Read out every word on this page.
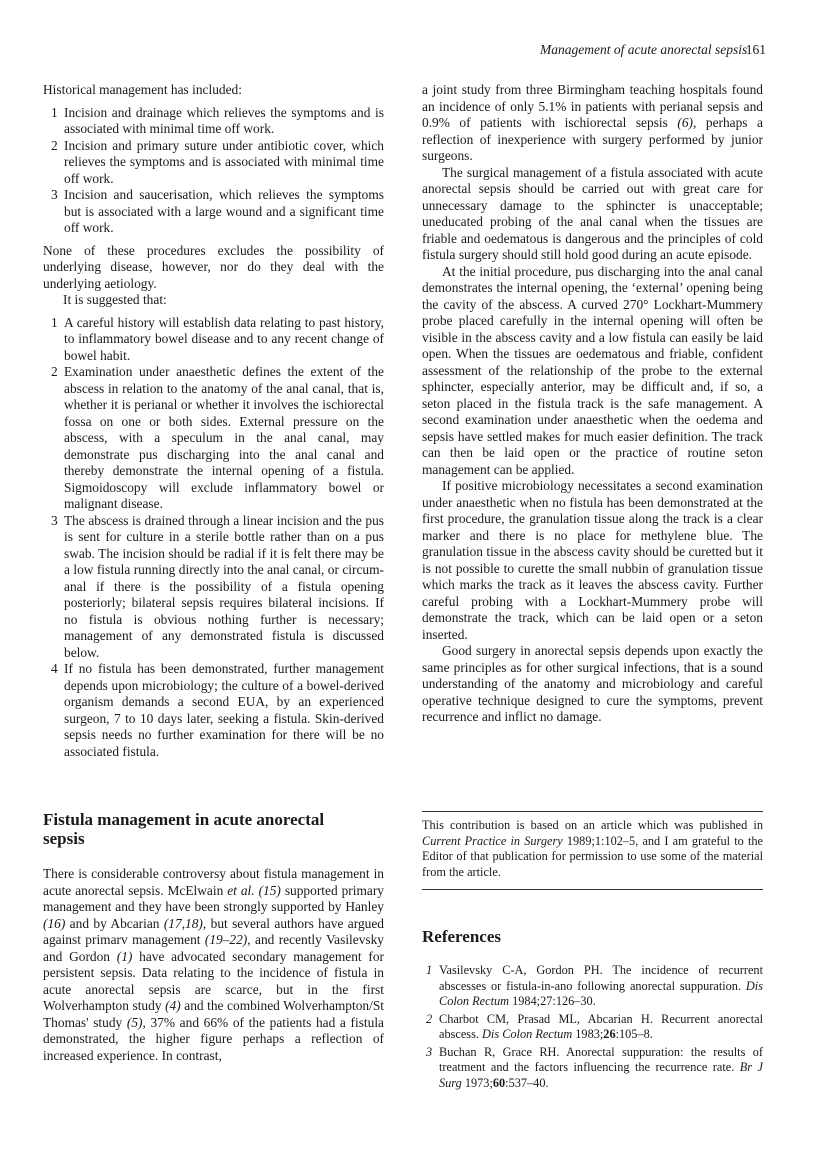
Management of acute anorectal sepsis
161

Historical management has included:

1 Incision and drainage which relieves the symptoms and is associated with minimal time off work.
2 Incision and primary suture under antibiotic cover, which relieves the symptoms and is associated with minimal time off work.
3 Incision and saucerisation, which relieves the symptoms but is associated with a large wound and a significant time off work.

None of these procedures excludes the possibility of underlying disease, however, nor do they deal with the underlying aetiology.

It is suggested that:

1 A careful history will establish data relating to past history, to inflammatory bowel disease and to any recent change of bowel habit.
2 Examination under anaesthetic defines the extent of the abscess in relation to the anatomy of the anal canal, that is, whether it is perianal or whether it involves the ischiorectal fossa on one or both sides. External pressure on the abscess, with a speculum in the anal canal, may demonstrate pus discharging into the anal canal and thereby demonstrate the internal opening of a fistula. Sigmoidoscopy will exclude inflammatory bowel or malignant disease.
3 The abscess is drained through a linear incision and the pus is sent for culture in a sterile bottle rather than on a pus swab. The incision should be radial if it is felt there may be a low fistula running directly into the anal canal, or circum-anal if there is the possibility of a fistula opening posteriorly; bilateral sepsis requires bilateral incisions. If no fistula is obvious nothing further is necessary; management of any demonstrated fistula is discussed below.
4 If no fistula has been demonstrated, further management depends upon microbiology; the culture of a bowel-derived organism demands a second EUA, by an experienced surgeon, 7 to 10 days later, seeking a fistula. Skin-derived sepsis needs no further examination for there will be no associated fistula.
Fistula management in acute anorectal sepsis

There is considerable controversy about fistula management in acute anorectal sepsis. McElwain et al. (15) supported primary management and they have been strongly supported by Hanley (16) and by Abcarian (17,18), but several authors have argued against primarv management (19–22), and recently Vasilevsky and Gordon (1) have advocated secondary management for persistent sepsis. Data relating to the incidence of fistula in acute anorectal sepsis are scarce, but in the first Wolverhampton study (4) and the combined Wolverhampton/St Thomas' study (5), 37% and 66% of the patients had a fistula demonstrated, the higher figure perhaps a reflection of increased experience. In contrast,

a joint study from three Birmingham teaching hospitals found an incidence of only 5.1% in patients with perianal sepsis and 0.9% of patients with ischiorectal sepsis (6), perhaps a reflection of inexperience with surgery performed by junior surgeons.

The surgical management of a fistula associated with acute anorectal sepsis should be carried out with great care for unnecessary damage to the sphincter is unacceptable; uneducated probing of the anal canal when the tissues are friable and oedematous is dangerous and the principles of cold fistula surgery should still hold good during an acute episode.

At the initial procedure, pus discharging into the anal canal demonstrates the internal opening, the ‘external’ opening being the cavity of the abscess. A curved 270° Lockhart-Mummery probe placed carefully in the internal opening will often be visible in the abscess cavity and a low fistula can easily be laid open. When the tissues are oedematous and friable, confident assessment of the relationship of the probe to the external sphincter, especially anterior, may be difficult and, if so, a seton placed in the fistula track is the safe management. A second examination under anaesthetic when the oedema and sepsis have settled makes for much easier definition. The track can then be laid open or the practice of routine seton management can be applied.

If positive microbiology necessitates a second examination under anaesthetic when no fistula has been demonstrated at the first procedure, the granulation tissue along the track is a clear marker and there is no place for methylene blue. The granulation tissue in the abscess cavity should be curetted but it is not possible to curette the small nubbin of granulation tissue which marks the track as it leaves the abscess cavity. Further careful probing with a Lockhart-Mummery probe will demonstrate the track, which can be laid open or a seton inserted.

Good surgery in anorectal sepsis depends upon exactly the same principles as for other surgical infections, that is a sound understanding of the anatomy and microbiology and careful operative technique designed to cure the symptoms, prevent recurrence and inflict no damage.

This contribution is based on an article which was published in Current Practice in Surgery 1989;1:102–5, and I am grateful to the Editor of that publication for permission to use some of the material from the article.

References
1 Vasilevsky C-A, Gordon PH. The incidence of recurrent abscesses or fistula-in-ano following anorectal suppuration. Dis Colon Rectum 1984;27:126–30.
2 Charbot CM, Prasad ML, Abcarian H. Recurrent anorectal abscess. Dis Colon Rectum 1983;26:105–8.
3 Buchan R, Grace RH. Anorectal suppuration: the results of treatment and the factors influencing the recurrence rate. Br J Surg 1973;60:537–40.
